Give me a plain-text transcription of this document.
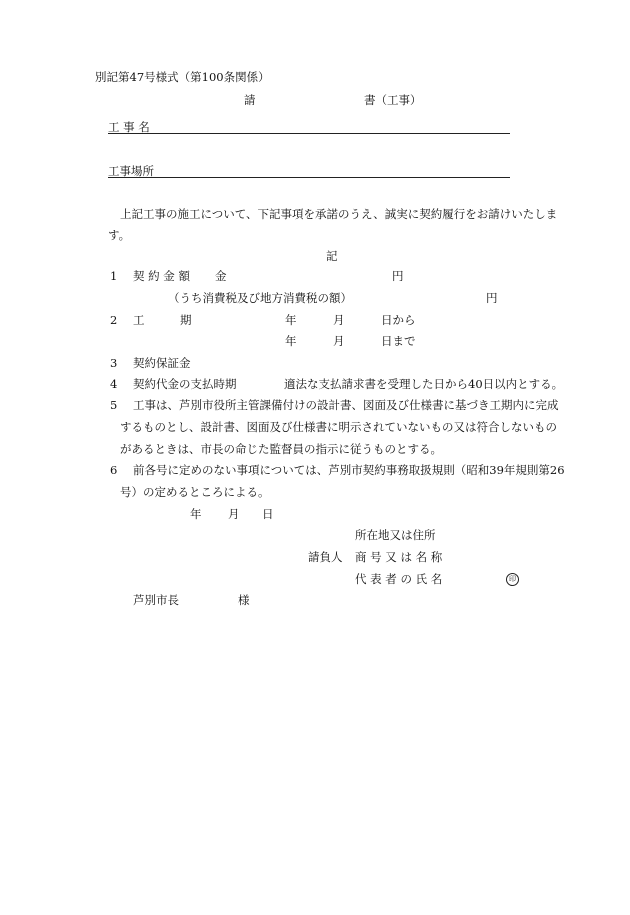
別記第47号様式（第100条関係）
請	書（工事）
工 事 名
工事場所
上記工事の施工について、下記事項を承諾のうえ、誠実に契約履行をお請けいたしま
す。
記
1 契 約 金 額 金	円
（うち消費税及び地方消費税の額）	円
2 工	期	年	月	日から
年	月	日まで
3 契約保証金
4 契約代金の支払時期	適法な支払請求書を受理した日から40日以内とする。
5 工事は、芦別市役所主管課備付けの設計書、図面及び仕様書に基づき工期内に完成
するものとし、設計書、図面及び仕様書に明示されていないもの又は符合しないもの
があるときは、市長の命じた監督員の指示に従うものとする。
6 前各号に定めのない事項については、芦別市契約事務取扱規則（昭和39年規則第26
号）の定めるところによる。
年 月 日
所在地又は住所
請負人 商 号 又 は 名 称
代 表 者 の 氏 名	印
芦別市長	様
